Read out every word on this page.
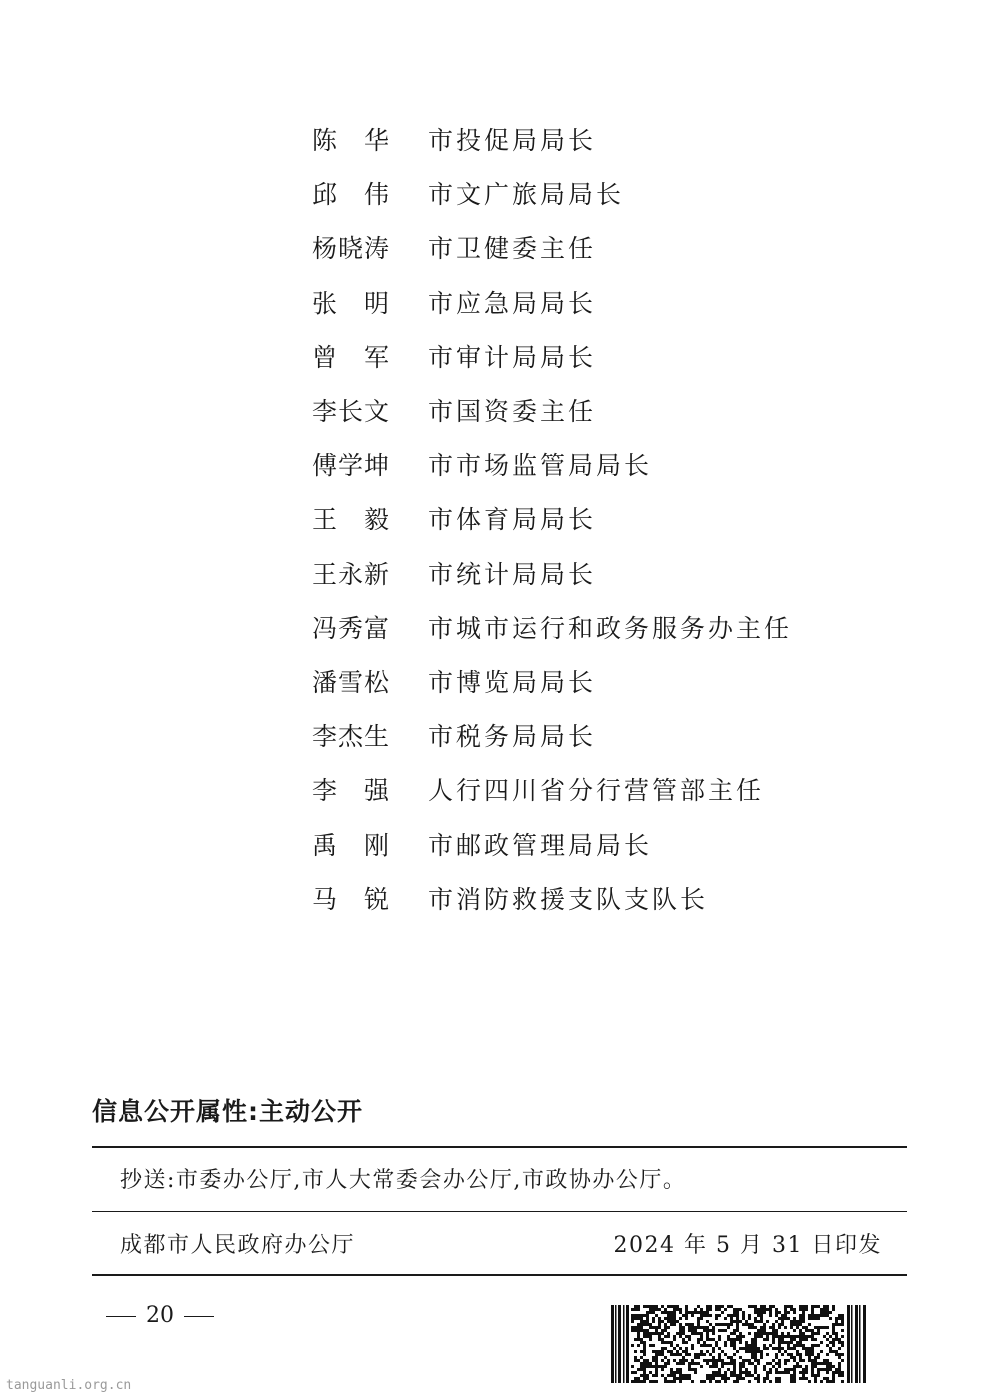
陈　华	市投促局局长
邱　伟	市文广旅局局长
杨晓涛	市卫健委主任
张　明	市应急局局长
曾　军	市审计局局长
李长文	市国资委主任
傅学坤	市市场监管局局长
王　毅	市体育局局长
王永新	市统计局局长
冯秀富	市城市运行和政务服务办主任
潘雪松	市博览局局长
李杰生	市税务局局长
李　强	人行四川省分行营管部主任
禹　刚	市邮政管理局局长
马　锐	市消防救援支队支队长
信息公开属性:主动公开
抄送:市委办公厅,市人大常委会办公厅,市政协办公厅。
成都市人民政府办公厅	2024 年 5 月 31 日印发
20
tanguanli.org.cn
